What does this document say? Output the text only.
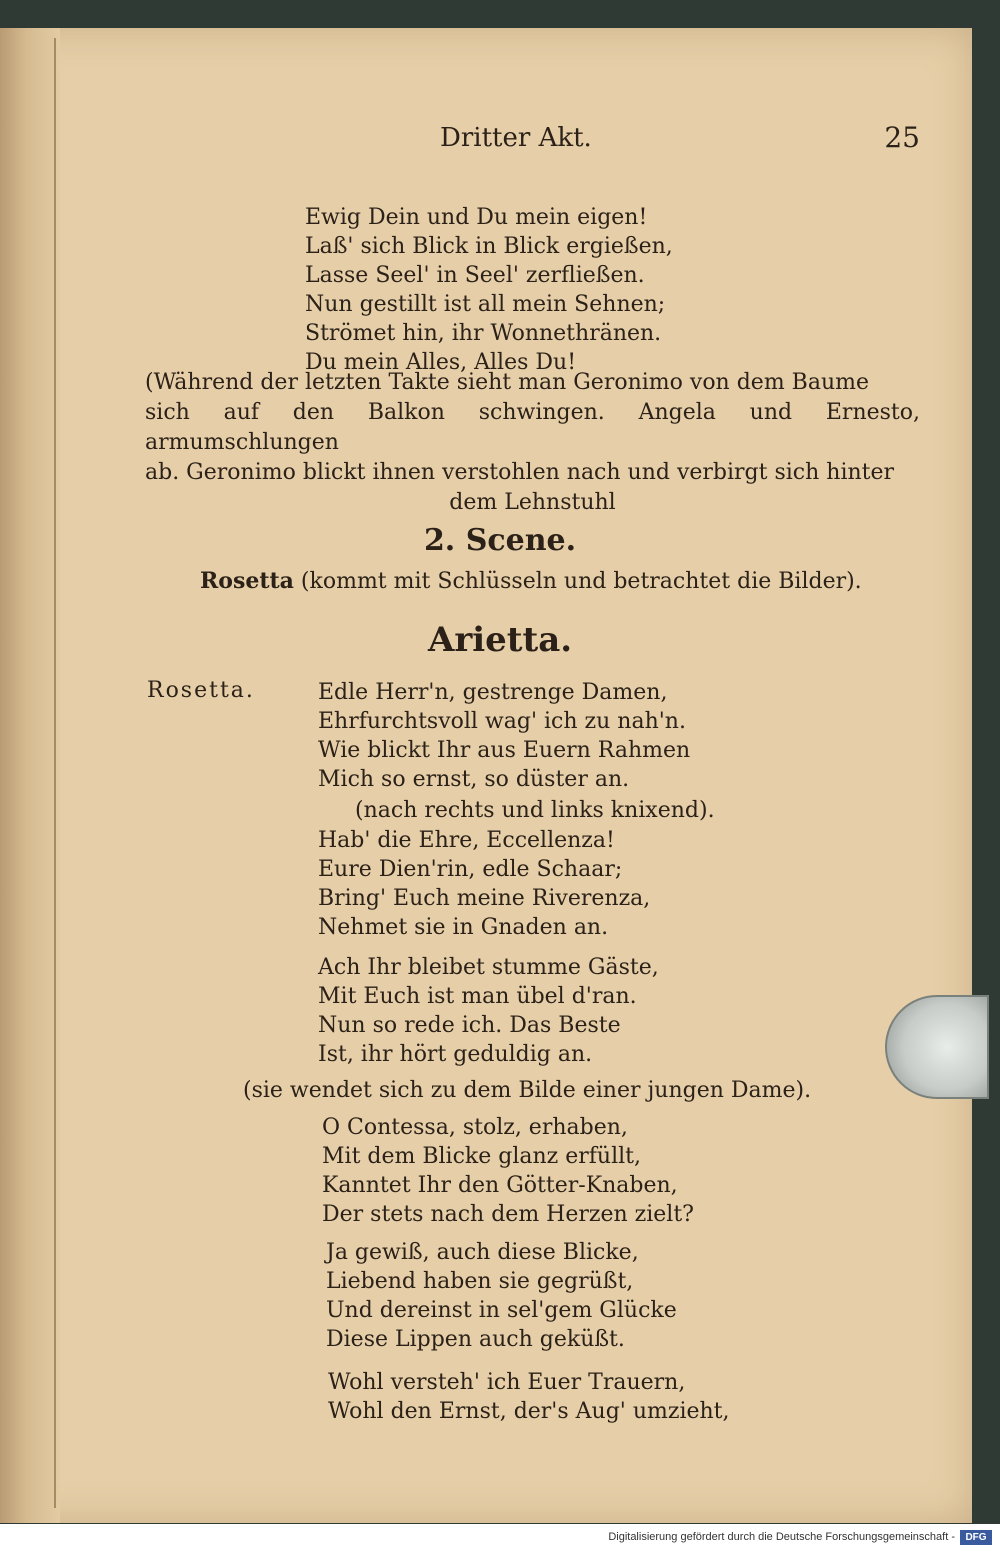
Dritter Akt.	25
Ewig Dein und Du mein eigen!
Laß' sich Blick in Blick ergießen,
Lasse Seel' in Seel' zerfließen.
Nun gestillt ist all mein Sehnen;
Strömet hin, ihr Wonnethränen.
Du mein Alles, Alles Du!
(Während der letzten Takte sieht man Geronimo von dem Baume
sich auf den Balkon schwingen. Angela und Ernesto, armumschlungen
ab. Geronimo blickt ihnen verstohlen nach und verbirgt sich hinter
dem Lehnstuhl
2. Scene.
Rosetta (kommt mit Schlüsseln und betrachtet die Bilder).
Arietta.
Rosetta.	Edle Herr'n, gestrenge Damen,
Ehrfurchtsvoll wag' ich zu nah'n.
Wie blickt Ihr aus Euern Rahmen
Mich so ernst, so düster an.
(nach rechts und links knixend).
Hab' die Ehre, Eccellenza!
Eure Dien'rin, edle Schaar;
Bring' Euch meine Riverenza,
Nehmet sie in Gnaden an.
Ach Ihr bleibet stumme Gäste,
Mit Euch ist man übel d'ran.
Nun so rede ich. Das Beste
Ist, ihr hört geduldig an.
(sie wendet sich zu dem Bilde einer jungen Dame).
O Contessa, stolz, erhaben,
Mit dem Blicke glanz erfüllt,
Kanntet Ihr den Götter-Knaben,
Der stets nach dem Herzen zielt?
Ja gewiß, auch diese Blicke,
Liebend haben sie gegrüßt,
Und dereinst in sel'gem Glücke
Diese Lippen auch geküßt.
Wohl versteh' ich Euer Trauern,
Wohl den Ernst, der's Aug' umzieht,
Digitalisierung gefördert durch die Deutsche Forschungsgemeinschaft -	DFG
